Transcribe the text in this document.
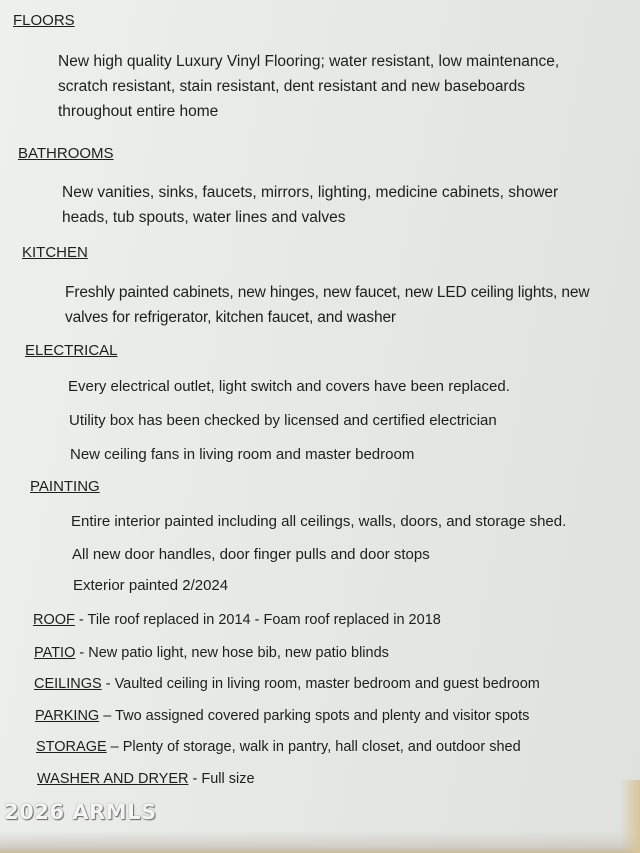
FLOORS
New high quality Luxury Vinyl Flooring; water resistant, low maintenance,
scratch resistant, stain resistant, dent resistant and new baseboards
throughout entire home
BATHROOMS
New vanities, sinks, faucets, mirrors, lighting, medicine cabinets, shower
heads, tub spouts, water lines and valves
KITCHEN
Freshly painted cabinets, new hinges, new faucet, new LED ceiling lights, new
valves for refrigerator, kitchen faucet, and washer
ELECTRICAL
Every electrical outlet, light switch and covers have been replaced.
Utility box has been checked by licensed and certified electrician
New ceiling fans in living room and master bedroom
PAINTING
Entire interior painted including all ceilings, walls, doors, and storage shed.
All new door handles, door finger pulls and door stops
Exterior painted 2/2024
ROOF - Tile roof replaced in 2014 - Foam roof replaced in 2018
PATIO - New patio light, new hose bib, new patio blinds
CEILINGS - Vaulted ceiling in living room, master bedroom and guest bedroom
PARKING – Two assigned covered parking spots and plenty and visitor spots
STORAGE – Plenty of storage, walk in pantry, hall closet, and outdoor shed
WASHER AND DRYER - Full size
2026 ARMLS
